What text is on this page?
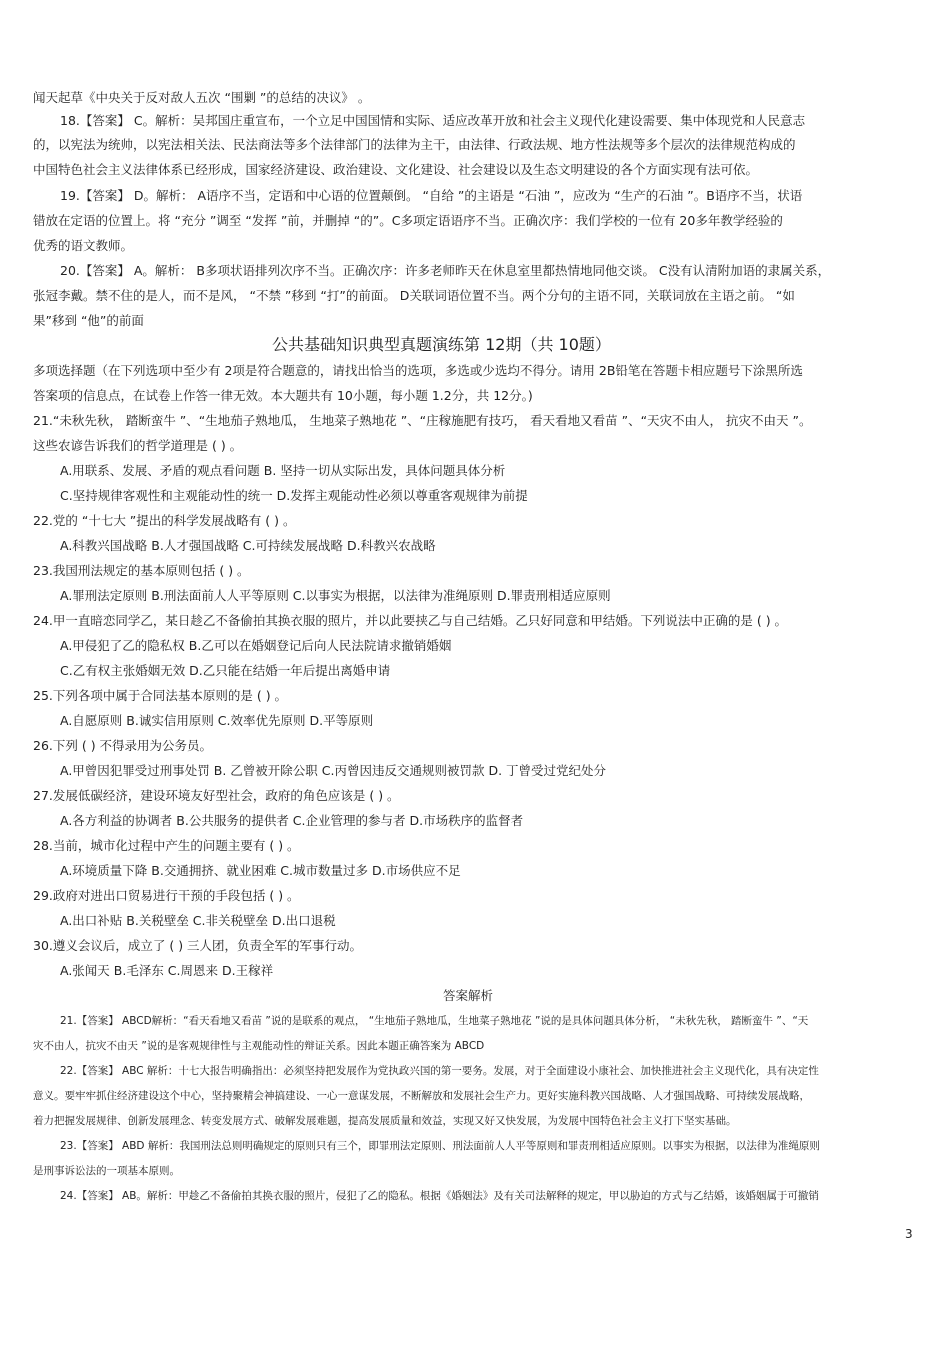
闻天起草《中央关于反对敌人五次 “围剿 ”的总结的决议》 。
18.【答案】 C。解析：吴邦国庄重宣布，一个立足中国国情和实际、适应改革开放和社会主义现代化建设需要、集中体现党和人民意志
的，以宪法为统帅，以宪法相关法、民法商法等多个法律部门的法律为主干，由法律、行政法规、地方性法规等多个层次的法律规范构成的
中国特色社会主义法律体系已经形成，国家经济建设、政治建设、文化建设、社会建设以及生态文明建设的各个方面实现有法可依。
19.【答案】 D。解析： A语序不当，定语和中心语的位置颠倒。 “自给 ”的主语是 “石油 ”，应改为 “生产的石油 ”。B语序不当，状语
错放在定语的位置上。将 “充分 ”调至 “发挥 ”前，并删掉 “的”。C多项定语语序不当。正确次序：我们学校的一位有 20多年教学经验的
优秀的语文教师。
20.【答案】 A。解析： B多项状语排列次序不当。正确次序：许多老师昨天在休息室里都热情地同他交谈。 C没有认清附加语的隶属关系，
张冠李戴。禁不住的是人，而不是风， “不禁 ”移到 “打”的前面。 D关联词语位置不当。两个分句的主语不同，关联词放在主语之前。 “如
果”移到 “他”的前面
公共基础知识典型真题演练第 12期（共 10题）
多项选择题（在下列选项中至少有 2项是符合题意的，请找出恰当的选项，多选或少选均不得分。请用 2B铅笔在答题卡相应题号下涂黑所选
答案项的信息点，在试卷上作答一律无效。本大题共有 10小题，每小题 1.2分，共 12分。)
21.“未秋先秋， 踏断蛮牛 ”、“生地茄子熟地瓜， 生地菜子熟地花 ”、“庄稼施肥有技巧， 看天看地又看苗 ”、“天灾不由人， 抗灾不由天 ”。
这些农谚告诉我们的哲学道理是 ( ) 。
A.用联系、发展、矛盾的观点看问题 B. 坚持一切从实际出发，具体问题具体分析
C.坚持规律客观性和主观能动性的统一 D.发挥主观能动性必须以尊重客观规律为前提
22.党的 “十七大 ”提出的科学发展战略有 ( ) 。
A.科教兴国战略 B.人才强国战略 C.可持续发展战略 D.科教兴农战略
23.我国刑法规定的基本原则包括 ( ) 。
A.罪刑法定原则 B.刑法面前人人平等原则 C.以事实为根据，以法律为准绳原则 D.罪责刑相适应原则
24.甲一直暗恋同学乙，某日趁乙不备偷拍其换衣服的照片，并以此要挟乙与自己结婚。乙只好同意和甲结婚。下列说法中正确的是 ( ) 。
A.甲侵犯了乙的隐私权 B.乙可以在婚姻登记后向人民法院请求撤销婚姻
C.乙有权主张婚姻无效 D.乙只能在结婚一年后提出离婚申请
25.下列各项中属于合同法基本原则的是 ( ) 。
A.自愿原则 B.诚实信用原则 C.效率优先原则 D.平等原则
26.下列 ( ) 不得录用为公务员。
A.甲曾因犯罪受过刑事处罚 B. 乙曾被开除公职 C.丙曾因违反交通规则被罚款 D. 丁曾受过党纪处分
27.发展低碳经济，建设环境友好型社会，政府的角色应该是 ( ) 。
A.各方利益的协调者 B.公共服务的提供者 C.企业管理的参与者 D.市场秩序的监督者
28.当前，城市化过程中产生的问题主要有 ( ) 。
A.环境质量下降 B.交通拥挤、就业困难 C.城市数量过多 D.市场供应不足
29.政府对进出口贸易进行干预的手段包括 ( ) 。
A.出口补贴 B.关税壁垒 C.非关税壁垒 D.出口退税
30.遵义会议后，成立了 ( ) 三人团，负责全军的军事行动。
A.张闻天 B.毛泽东 C.周恩来 D.王稼祥
答案解析
21.【答案】 ABCD解析：“看天看地又看苗 ”说的是联系的观点， “生地茄子熟地瓜，生地菜子熟地花 ”说的是具体问题具体分析， “未秋先秋， 踏断蛮牛 ”、“天
灾不由人，抗灾不由天 ”说的是客观规律性与主观能动性的辩证关系。因此本题正确答案为 ABCD
22.【答案】 ABC 解析：十七大报告明确指出：必须坚持把发展作为党执政兴国的第一要务。发展，对于全面建设小康社会、加快推进社会主义现代化，具有决定性
意义。要牢牢抓住经济建设这个中心，坚持聚精会神搞建设、一心一意谋发展，不断解放和发展社会生产力。更好实施科教兴国战略、人才强国战略、可持续发展战略，
着力把握发展规律、创新发展理念、转变发展方式、破解发展难题，提高发展质量和效益，实现又好又快发展，为发展中国特色社会主义打下坚实基础。
23.【答案】 ABD 解析：我国刑法总则明确规定的原则只有三个，即罪刑法定原则、刑法面前人人平等原则和罪责刑相适应原则。以事实为根据，以法律为准绳原则
是刑事诉讼法的一项基本原则。
24.【答案】 AB。解析：甲趁乙不备偷拍其换衣服的照片，侵犯了乙的隐私。根据《婚姻法》及有关司法解释的规定，甲以胁迫的方式与乙结婚，该婚姻属于可撤销
3
